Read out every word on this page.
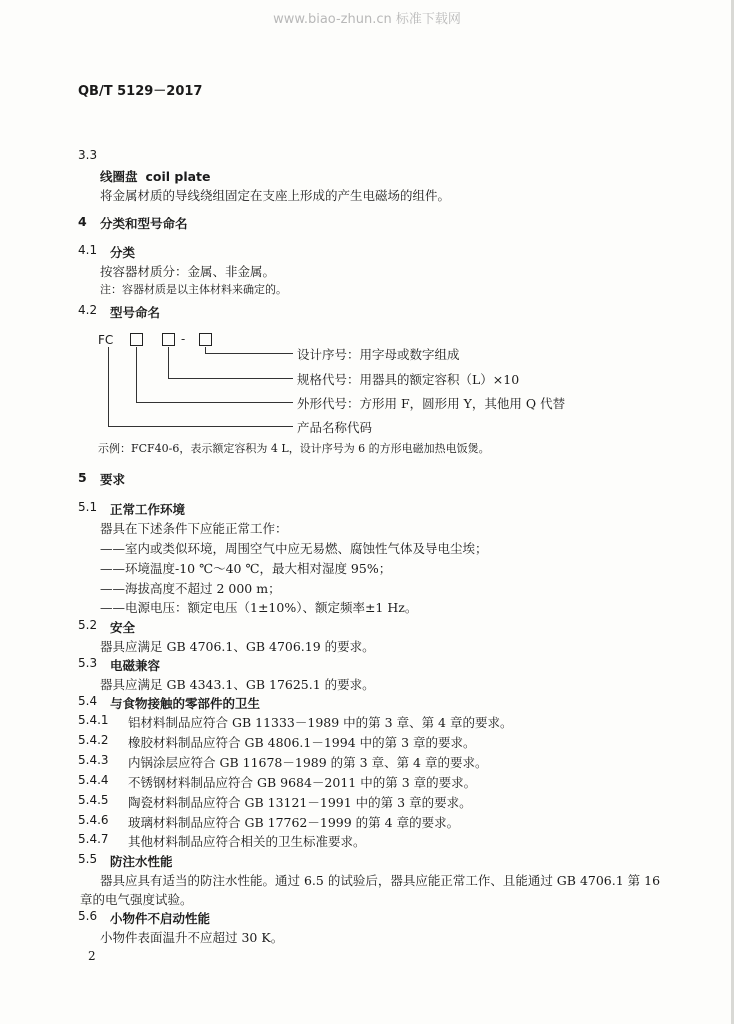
www.biao-zhun.cn 标准下载网
QB/T 5129－2017
3.3
线圈盘 coil plate
将金属材质的导线绕组固定在支座上形成的产生电磁场的组件。
4 分类和型号命名
4.1 分类
按容器材质分：金属、非金属。
注：容器材质是以主体材料来确定的。
4.2 型号命名
FC	-
设计序号：用字母或数字组成
规格代号：用器具的额定容积（L）×10
外形代号：方形用 F，圆形用 Y，其他用 Q 代替
产品名称代码
示例：FCF40-6，表示额定容积为 4 L，设计序号为 6 的方形电磁加热电饭煲。
5 要求
5.1 正常工作环境
器具在下述条件下应能正常工作：
——室内或类似环境，周围空气中应无易燃、腐蚀性气体及导电尘埃；
——环境温度-10 ℃～40 ℃，最大相对湿度 95%；
——海拔高度不超过 2 000 m；
——电源电压：额定电压（1±10%）、额定频率±1 Hz。
5.2 安全
器具应满足 GB 4706.1、GB 4706.19 的要求。
5.3 电磁兼容
器具应满足 GB 4343.1、GB 17625.1 的要求。
5.4 与食物接触的零部件的卫生
5.4.1 铝材料制品应符合 GB 11333－1989 中的第 3 章、第 4 章的要求。
5.4.2 橡胶材料制品应符合 GB 4806.1－1994 中的第 3 章的要求。
5.4.3 内锅涂层应符合 GB 11678－1989 的第 3 章、第 4 章的要求。
5.4.4 不锈钢材料制品应符合 GB 9684－2011 中的第 3 章的要求。
5.4.5 陶瓷材料制品应符合 GB 13121－1991 中的第 3 章的要求。
5.4.6 玻璃材料制品应符合 GB 17762－1999 的第 4 章的要求。
5.4.7 其他材料制品应符合相关的卫生标准要求。
5.5 防注水性能
器具应具有适当的防注水性能。通过 6.5 的试验后，器具应能正常工作、且能通过 GB 4706.1 第 16
章的电气强度试验。
5.6 小物件不启动性能
小物件表面温升不应超过 30 K。
2
